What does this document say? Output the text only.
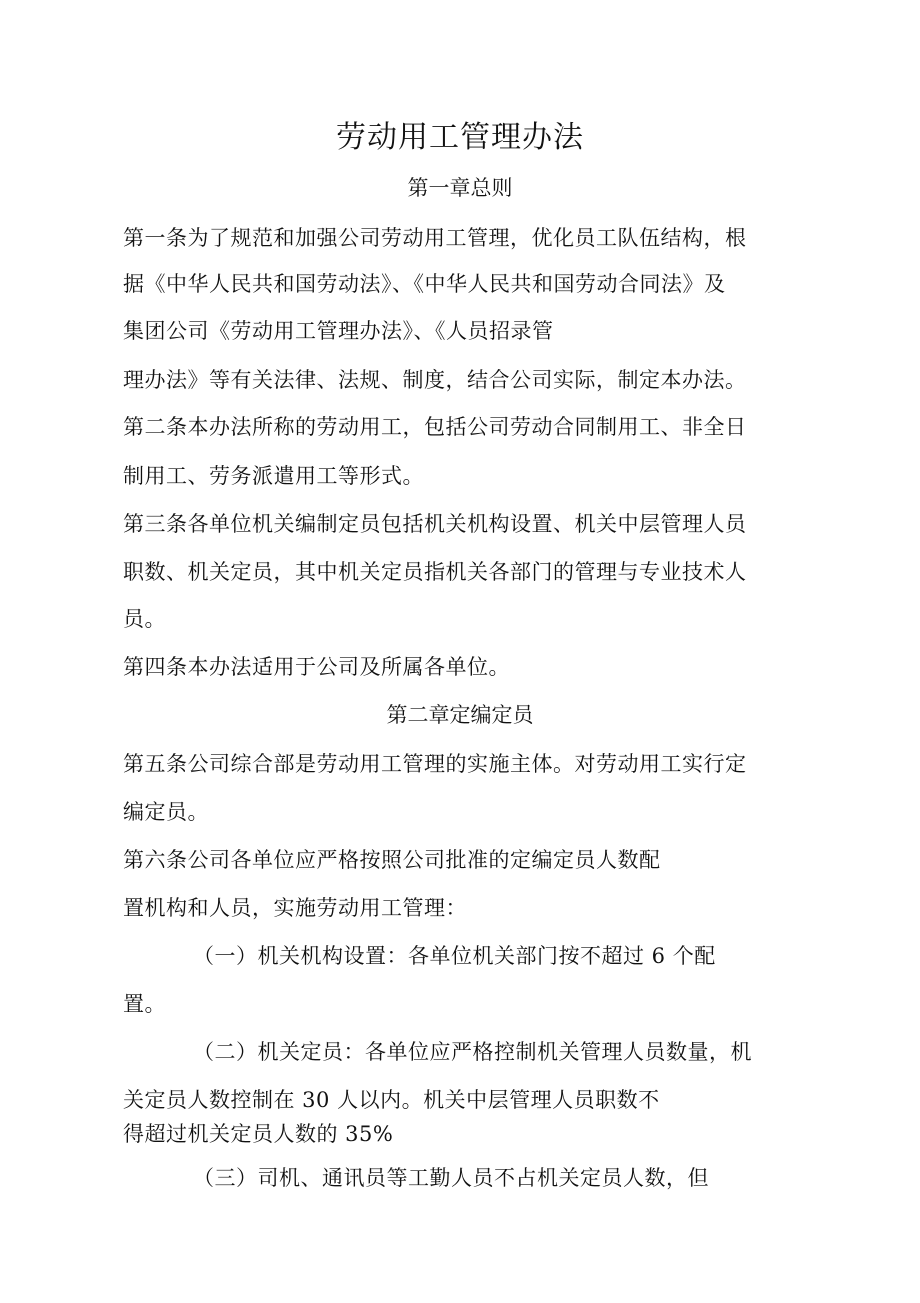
劳动用工管理办法
第一章总则
第一条为了规范和加强公司劳动用工管理，优化员工队伍结构，根
据《中华人民共和国劳动法》、《中华人民共和国劳动合同法》及
集团公司《劳动用工管理办法》、《人员招录管
理办法》等有关法律、法规、制度，结合公司实际，制定本办法。
第二条本办法所称的劳动用工，包括公司劳动合同制用工、非全日
制用工、劳务派遣用工等形式。
第三条各单位机关编制定员包括机关机构设置、机关中层管理人员
职数、机关定员，其中机关定员指机关各部门的管理与专业技术人
员。
第四条本办法适用于公司及所属各单位。
第二章定编定员
第五条公司综合部是劳动用工管理的实施主体。对劳动用工实行定
编定员。
第六条公司各单位应严格按照公司批准的定编定员人数配
置机构和人员，实施劳动用工管理：
（一）机关机构设置：各单位机关部门按不超过 6 个配
置。
（二）机关定员：各单位应严格控制机关管理人员数量，机
关定员人数控制在 30 人以内。机关中层管理人员职数不
得超过机关定员人数的 35%
（三）司机、通讯员等工勤人员不占机关定员人数，但
